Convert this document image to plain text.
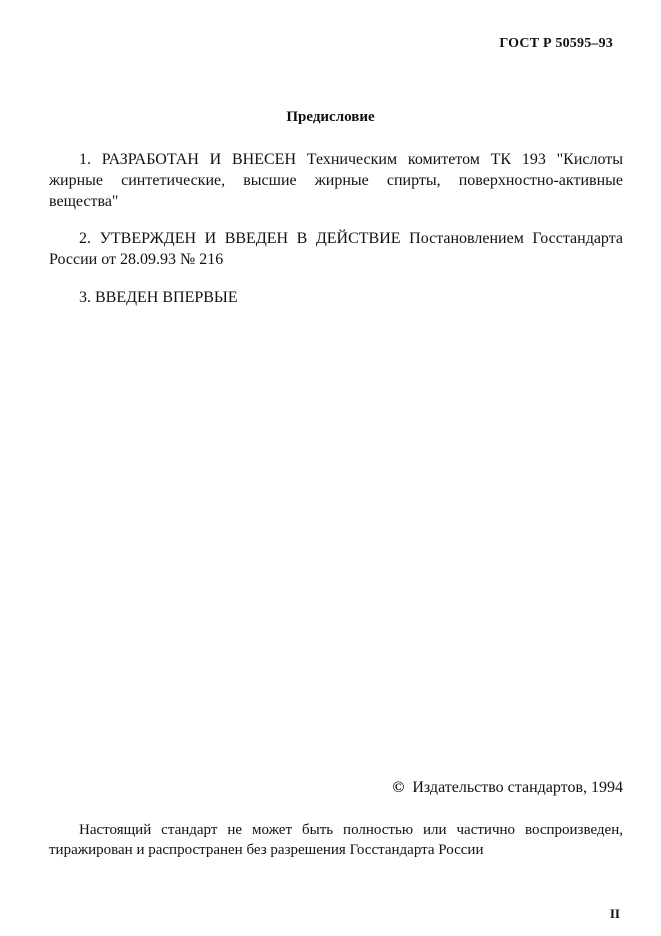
ГОСТ Р 50595–93
Предисловие
1. РАЗРАБОТАН И ВНЕСЕН Техническим комитетом ТК 193 "Кислоты жирные синтетические, высшие жирные спирты, поверхностно-активные вещества"
2. УТВЕРЖДЕН И ВВЕДЕН В ДЕЙСТВИЕ Постановлением Госстандарта России от 28.09.93 № 216
3. ВВЕДЕН ВПЕРВЫЕ
© Издательство стандартов, 1994
Настоящий стандарт не может быть полностью или частично воспроизведен, тиражирован и распространен без разрешения Госстандарта России
II
